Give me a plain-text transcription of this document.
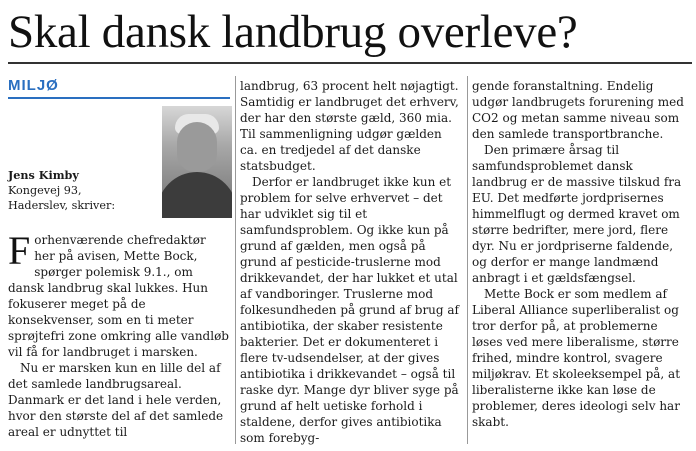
Skal dansk landbrug overleve?
MILJØ
Jens Kimby
Kongevej 93,
Haderslev, skriver:

Forhenværende chefredaktør her på avisen, Mette Bock, spørger polemisk 9.1., om dansk landbrug skal lukkes. Hun fokuserer meget på de konsekvenser, som en ti meter sprøjtefri zone omkring alle vandløb vil få for landbruget i marsken.

Nu er marsken kun en lille del af det samlede landbrugsareal. Danmark er det land i hele verden, hvor den største del af det samlede areal er udnyttet til

landbrug, 63 procent helt nøjagtigt. Samtidig er landbruget det erhverv, der har den største gæld, 360 mia. Til sammenligning udgør gælden ca. en tredjedel af det danske statsbudget.

Derfor er landbruget ikke kun et problem for selve erhvervet – det har udviklet sig til et samfundsproblem. Og ikke kun på grund af gælden, men også på grund af pesticide-truslerne mod drikkevandet, der har lukket et utal af vandboringer. Truslerne mod folkesundheden på grund af brug af antibiotika, der skaber resistente bakterier. Det er dokumenteret i flere tv-udsendelser, at der gives antibiotika i drikkevandet – også til raske dyr. Mange dyr bliver syge på grund af helt uetiske forhold i staldene, derfor gives antibiotika som forebyg-

gende foranstaltning. Endelig udgør landbrugets forurening med CO2 og metan samme niveau som den samlede transportbranche.

Den primære årsag til samfundsproblemet dansk landbrug er de massive tilskud fra EU. Det medførte jordprisernes himmelflugt og dermed kravet om større bedrifter, mere jord, flere dyr. Nu er jordpriserne faldende, og derfor er mange landmænd anbragt i et gældsfængsel.

Mette Bock er som medlem af Liberal Alliance superliberalist og tror derfor på, at problemerne løses ved mere liberalisme, større frihed, mindre kontrol, svagere miljøkrav. Et skoleeksempel på, at liberalisterne ikke kan løse de problemer, deres ideologi selv har skabt.
